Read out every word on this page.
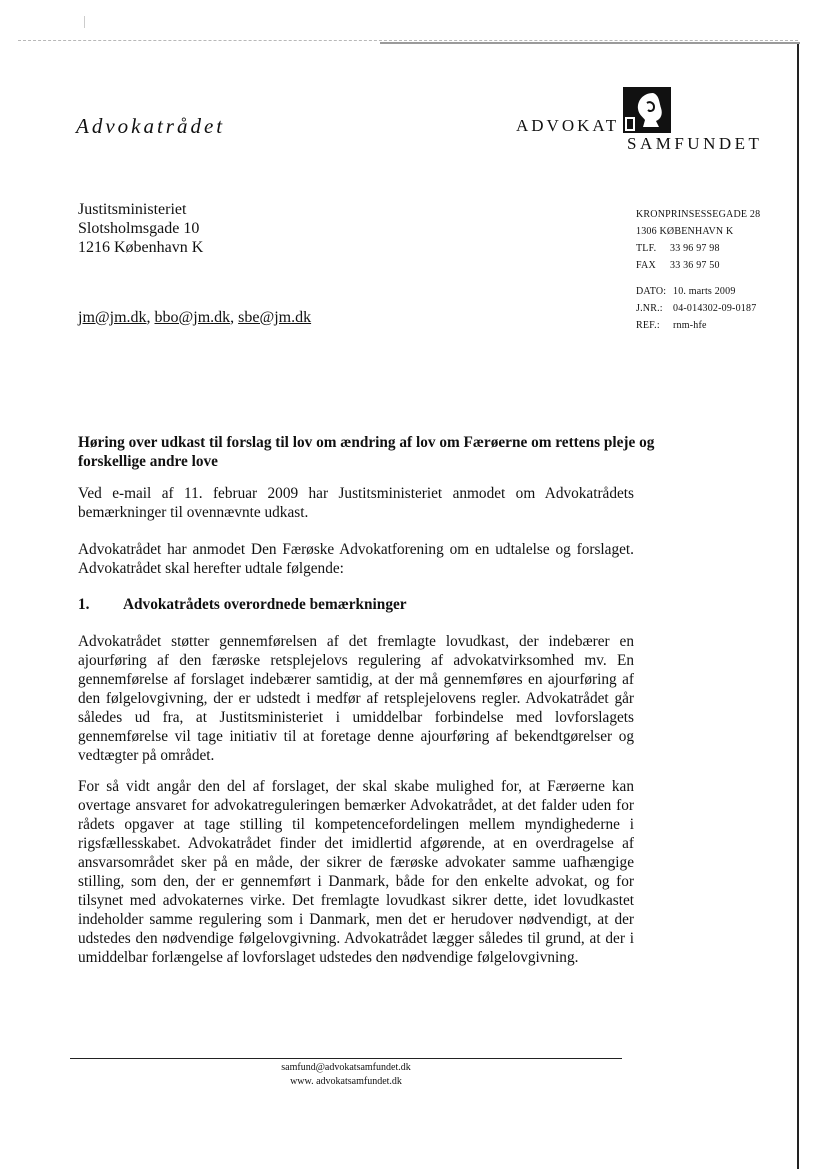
Advokatrådet	ADVOKAT
SAMFUNDET
Justitsministeriet
Slotsholmsgade 10
1216 København K
KRONPRINSESSEGADE 28
1306 KØBENHAVN K
TLF.	33 96 97 98
FAX	33 36 97 50
DATO: 10. marts 2009
J.NR.:	04-014302-09-0187
REF.:	rnm-hfe
jm@jm.dk, bbo@jm.dk, sbe@jm.dk
Høring over udkast til forslag til lov om ændring af lov om Færøerne om rettens pleje og forskellige andre love
Ved e-mail af 11. februar 2009 har Justitsministeriet anmodet om Advokatrådets bemærkninger til ovennævnte udkast.
Advokatrådet har anmodet Den Færøske Advokatforening om en udtalelse og forslaget. Advokatrådet skal herefter udtale følgende:
1. Advokatrådets overordnede bemærkninger
Advokatrådet støtter gennemførelsen af det fremlagte lovudkast, der indebærer en ajourføring af den færøske retsplejelovs regulering af advokatvirksomhed mv. En gennemførelse af forslaget indebærer samtidig, at der må gennemføres en ajourføring af den følgelovgivning, der er udstedt i medfør af retsplejelovens regler. Advokatrådet går således ud fra, at Justitsministeriet i umiddelbar forbindelse med lovforslagets gennemførelse vil tage initiativ til at foretage denne ajourføring af bekendtgørelser og vedtægter på området.
For så vidt angår den del af forslaget, der skal skabe mulighed for, at Færøerne kan overtage ansvaret for advokatreguleringen bemærker Advokatrådet, at det falder uden for rådets opgaver at tage stilling til kompetencefordelingen mellem myndighederne i rigsfællesskabet. Advokatrådet finder det imidlertid afgørende, at en overdragelse af ansvarsområdet sker på en måde, der sikrer de færøske advokater samme uafhængige stilling, som den, der er gennemført i Danmark, både for den enkelte advokat, og for tilsynet med advokaternes virke. Det fremlagte lovudkast sikrer dette, idet lovudkastet indeholder samme regulering som i Danmark, men det er herudover nødvendigt, at der udstedes den nødvendige følgelovgivning. Advokatrådet lægger således til grund, at der i umiddelbar forlængelse af lovforslaget udstedes den nødvendige følgelovgivning.
samfund@advokatsamfundet.dk
www. advokatsamfundet.dk
